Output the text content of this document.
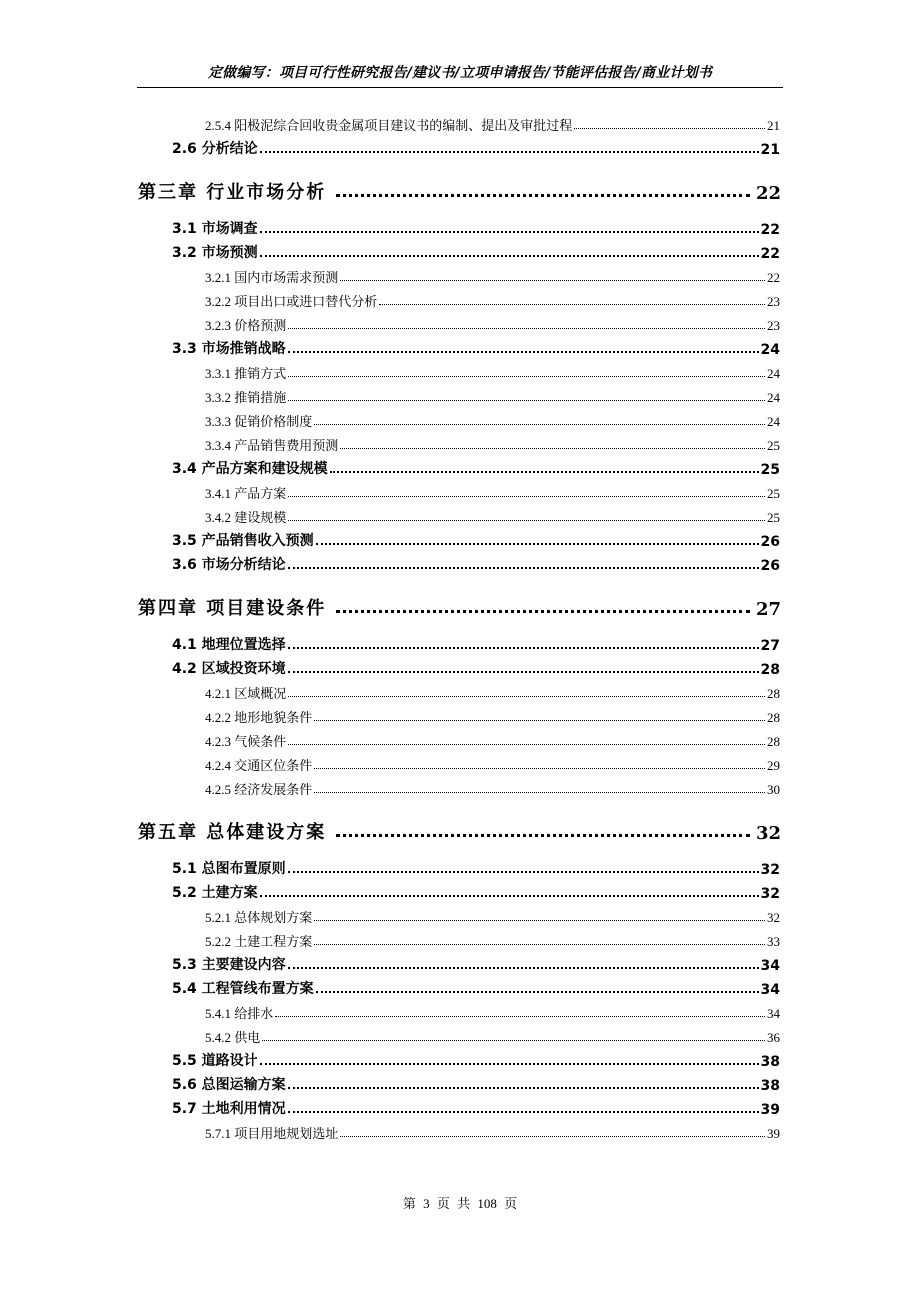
定做编写：项目可行性研究报告/建议书/立项申请报告/节能评估报告/商业计划书
2.5.4 阳极泥综合回收贵金属项目建议书的编制、提出及审批过程	21
2.6 分析结论	21
第三章 行业市场分析	22
3.1 市场调查	22
3.2 市场预测	22
3.2.1 国内市场需求预测	22
3.2.2 项目出口或进口替代分析	23
3.2.3 价格预测	23
3.3 市场推销战略	24
3.3.1 推销方式	24
3.3.2 推销措施	24
3.3.3 促销价格制度	24
3.3.4 产品销售费用预测	25
3.4 产品方案和建设规模	25
3.4.1 产品方案	25
3.4.2 建设规模	25
3.5 产品销售收入预测	26
3.6 市场分析结论	26
第四章 项目建设条件	27
4.1 地理位置选择	27
4.2 区域投资环境	28
4.2.1 区域概况	28
4.2.2 地形地貌条件	28
4.2.3 气候条件	28
4.2.4 交通区位条件	29
4.2.5 经济发展条件	30
第五章 总体建设方案	32
5.1 总图布置原则	32
5.2 土建方案	32
5.2.1 总体规划方案	32
5.2.2 土建工程方案	33
5.3 主要建设内容	34
5.4 工程管线布置方案	34
5.4.1 给排水	34
5.4.2 供电	36
5.5 道路设计	38
5.6 总图运输方案	38
5.7 土地利用情况	39
5.7.1 项目用地规划选址	39
第 3 页 共 108 页
